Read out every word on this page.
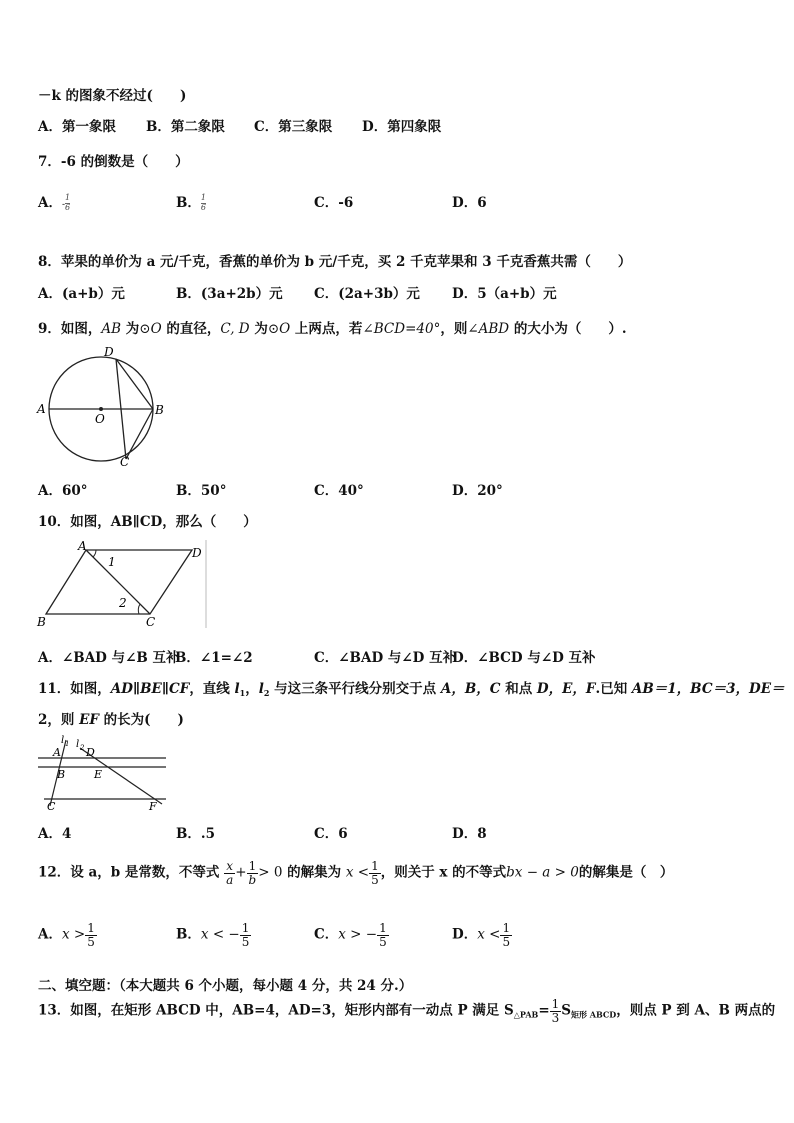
－k 的图象不经过(　　)
A．第一象限 B．第二象限 C．第三象限 D．第四象限
7．-6 的倒数是（　　）
A．- $\frac{1}{6}$	B． $\frac{1}{6}$	C．-6	D．6
8．苹果的单价为 a 元/千克，香蕉的单价为 b 元/千克，买 2 千克苹果和 3 千克香蕉共需（　　）
A．(a+b）元	B．(3a+2b）元 C．(2a+3b）元 D．5（a+b）元
9．如图，AB 为⊙O 的直径，C, D 为⊙O 上两点，若∠BCD=40°，则∠ABD 的大小为（　　）.
A	B
C
D
O
A．60°	B．50°	C．40°	D．20°
10．如图，AB∥CD，那么（　　）
A	D
B	C
1
2
A．∠BAD 与∠B 互补
B．∠1=∠2	C．∠BAD 与∠D 互补
D．∠BCD 与∠D 互补
11．如图，AD∥BE∥CF，直线 $l_1$，$l_2$ 与这三条平行线分别交于点 A，B，C 和点 D，E，F.已知 AB＝1，BC＝3，DE＝
2，则 EF 的长为(　　)
A
B
C
D
E
F
l 1 l 2
A．4	B．.5	C．6	D．8
12．设 a，b 是常数，不等式 $\frac{x}{a} + \frac{1}{b} > 0$ 的解集为 $x < \frac{1}{5}$ ，则关于 x 的不等式bx − a > 0的解集是（　）
A．$x > \frac{1}{5}$	B．x < − $\frac{1}{5}$	C．x > − $\frac{1}{5}$	D．$x < \frac{1}{5}$
二、填空题：（本大题共 6 个小题，每小题 4 分，共 24 分.）
13．如图，在矩形 ABCD 中，AB=4，AD=3，矩形内部有一动点 P 满足 $S_{\triangle PAB}= \frac{1}{3} S_{矩形 ABCD}$，则点 P 到 A、B 两点的
